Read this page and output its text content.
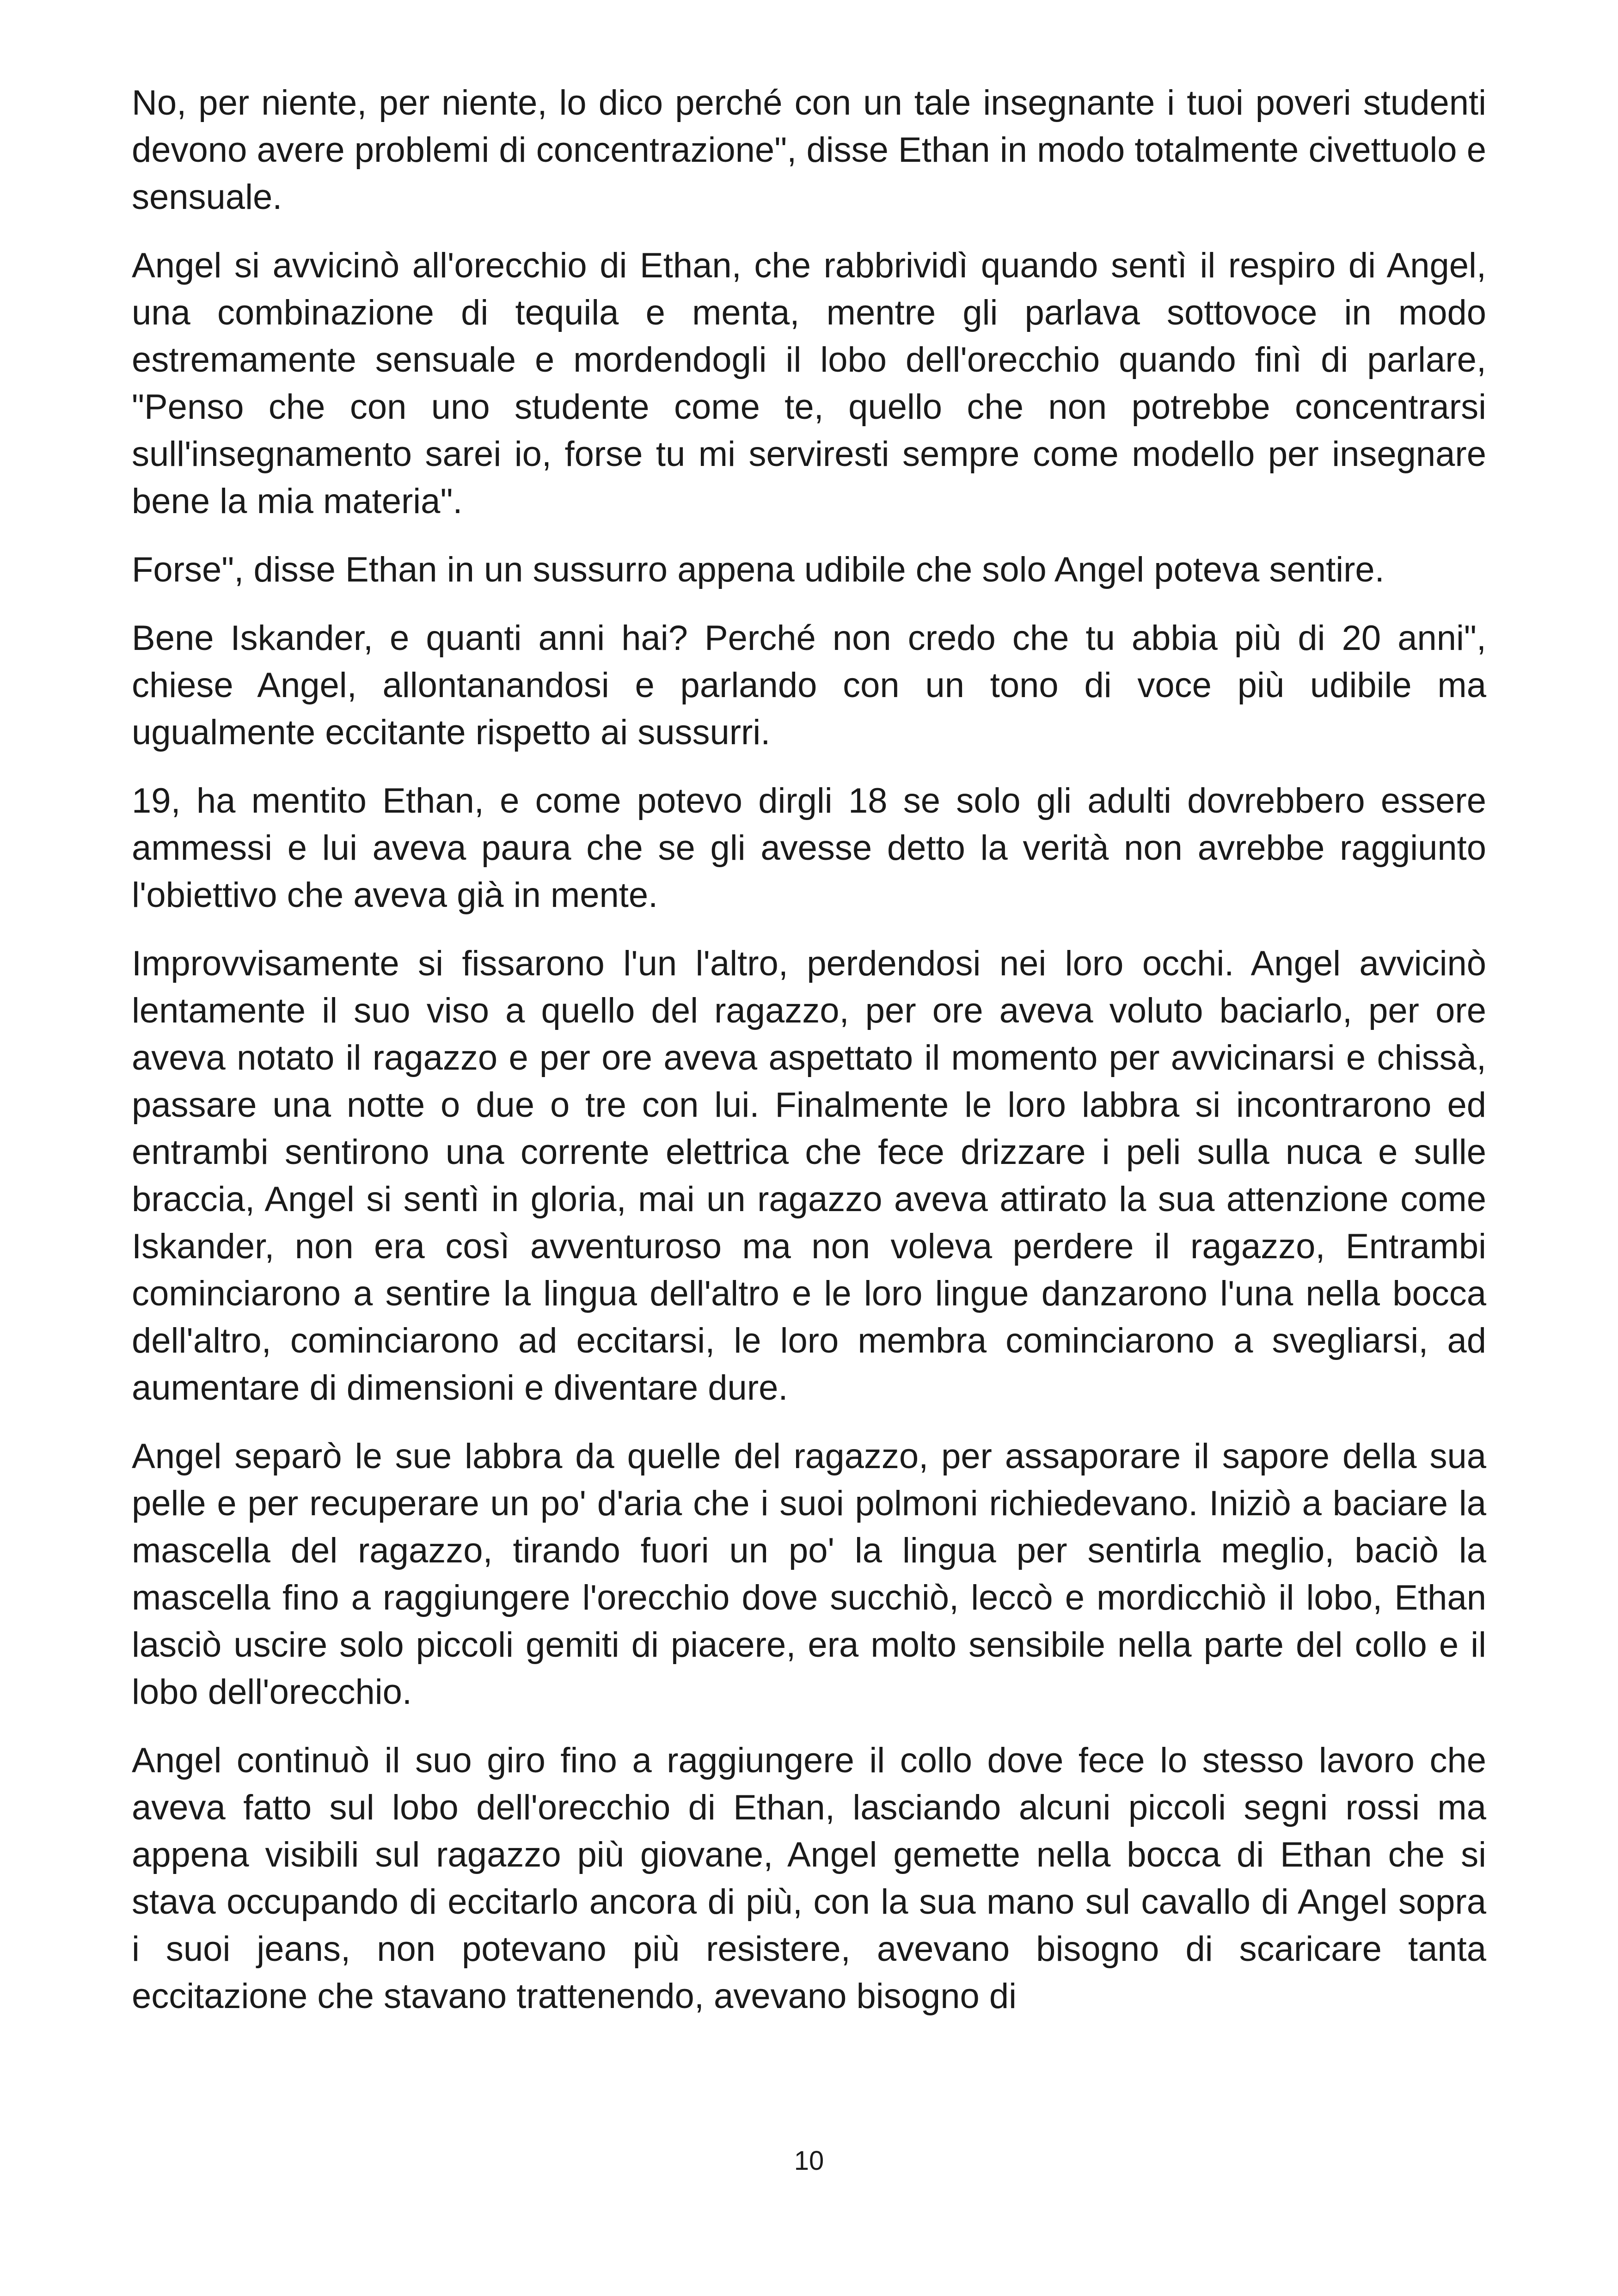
No, per niente, per niente, lo dico perché con un tale insegnante i tuoi poveri studenti devono avere problemi di concentrazione", disse Ethan in modo totalmente civettuolo e sensuale.

Angel si avvicinò all'orecchio di Ethan, che rabbrividì quando sentì il respiro di Angel, una combinazione di tequila e menta, mentre gli parlava sottovoce in modo estremamente sensuale e mordendogli il lobo dell'orecchio quando finì di parlare, "Penso che con uno studente come te, quello che non potrebbe concentrarsi sull'insegnamento sarei io, forse tu mi serviresti sempre come modello per insegnare bene la mia materia".

Forse", disse Ethan in un sussurro appena udibile che solo Angel poteva sentire.

Bene Iskander, e quanti anni hai? Perché non credo che tu abbia più di 20 anni", chiese Angel, allontanandosi e parlando con un tono di voce più udibile ma ugualmente eccitante rispetto ai sussurri.

19, ha mentito Ethan, e come potevo dirgli 18 se solo gli adulti dovrebbero essere ammessi e lui aveva paura che se gli avesse detto la verità non avrebbe raggiunto l'obiettivo che aveva già in mente.

Improvvisamente si fissarono l'un l'altro, perdendosi nei loro occhi. Angel avvicinò lentamente il suo viso a quello del ragazzo, per ore aveva voluto baciarlo, per ore aveva notato il ragazzo e per ore aveva aspettato il momento per avvicinarsi e chissà, passare una notte o due o tre con lui. Finalmente le loro labbra si incontrarono ed entrambi sentirono una corrente elettrica che fece drizzare i peli sulla nuca e sulle braccia, Angel si sentì in gloria, mai un ragazzo aveva attirato la sua attenzione come Iskander, non era così avventuroso ma non voleva perdere il ragazzo, Entrambi cominciarono a sentire la lingua dell'altro e le loro lingue danzarono l'una nella bocca dell'altro, cominciarono ad eccitarsi, le loro membra cominciarono a svegliarsi, ad aumentare di dimensioni e diventare dure.

Angel separò le sue labbra da quelle del ragazzo, per assaporare il sapore della sua pelle e per recuperare un po' d'aria che i suoi polmoni richiedevano. Iniziò a baciare la mascella del ragazzo, tirando fuori un po' la lingua per sentirla meglio, baciò la mascella fino a raggiungere l'orecchio dove succhiò, leccò e mordicchiò il lobo, Ethan lasciò uscire solo piccoli gemiti di piacere, era molto sensibile nella parte del collo e il lobo dell'orecchio.

Angel continuò il suo giro fino a raggiungere il collo dove fece lo stesso lavoro che aveva fatto sul lobo dell'orecchio di Ethan, lasciando alcuni piccoli segni rossi ma appena visibili sul ragazzo più giovane, Angel gemette nella bocca di Ethan che si stava occupando di eccitarlo ancora di più, con la sua mano sul cavallo di Angel sopra i suoi jeans, non potevano più resistere, avevano bisogno di scaricare tanta eccitazione che stavano trattenendo, avevano bisogno di

10
